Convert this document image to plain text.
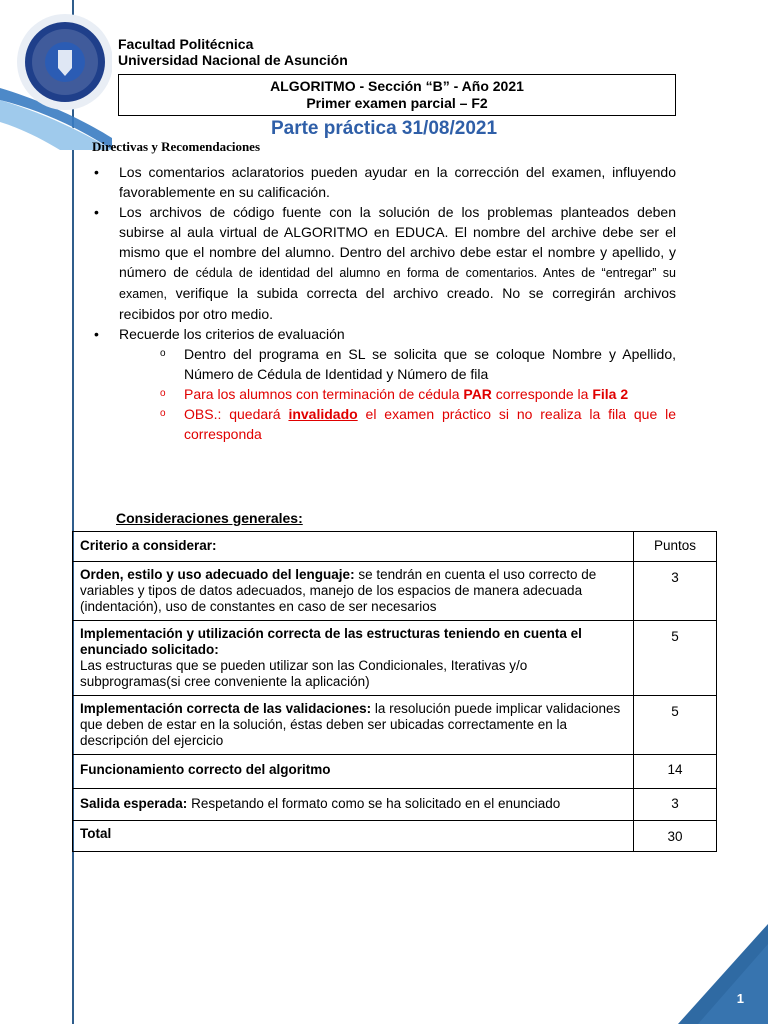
Facultad Politécnica
Universidad Nacional de Asunción
ALGORITMO - Sección “B” - Año 2021
Primer examen parcial – F2
Parte práctica 31/08/2021
Directivas y Recomendaciones
• Los comentarios aclaratorios pueden ayudar en la corrección del examen, influyendo favorablemente en su calificación.
• Los archivos de código fuente con la solución de los problemas planteados deben subirse al aula virtual de ALGORITMO en EDUCA. El nombre del archive debe ser el mismo que el nombre del alumno. Dentro del archivo debe estar el nombre y apellido, y número de cédula de identidad del alumno en forma de comentarios. Antes de “entregar” su examen, verifique la subida correcta del archivo creado. No se corregirán archivos recibidos por otro medio.
• Recuerde los criterios de evaluación
o Dentro del programa en SL se solicita que se coloque Nombre y Apellido, Número de Cédula de Identidad y Número de fila
o Para los alumnos con terminación de cédula PAR corresponde la Fila 2
o OBS.: quedará invalidado el examen práctico si no realiza la fila que le corresponda
Consideraciones generales:
Criterio a considerar:	Puntos
Orden, estilo y uso adecuado del lenguaje: se tendrán en cuenta el uso correcto de variables y tipos de datos adecuados, manejo de los espacios de manera adecuada (indentación), uso de constantes en caso de ser necesarios	3
Implementación y utilización correcta de las estructuras teniendo en cuenta el enunciado solicitado:
Las estructuras que se pueden utilizar son las Condicionales, Iterativas y/o subprogramas(si cree conveniente la aplicación)	5
Implementación correcta de las validaciones: la resolución puede implicar validaciones que deben de estar en la solución, éstas deben ser ubicadas correctamente en la descripción del ejercicio	5
Funcionamiento correcto del algoritmo	14
Salida esperada: Respetando el formato como se ha solicitado en el enunciado	3
Total	30
1
